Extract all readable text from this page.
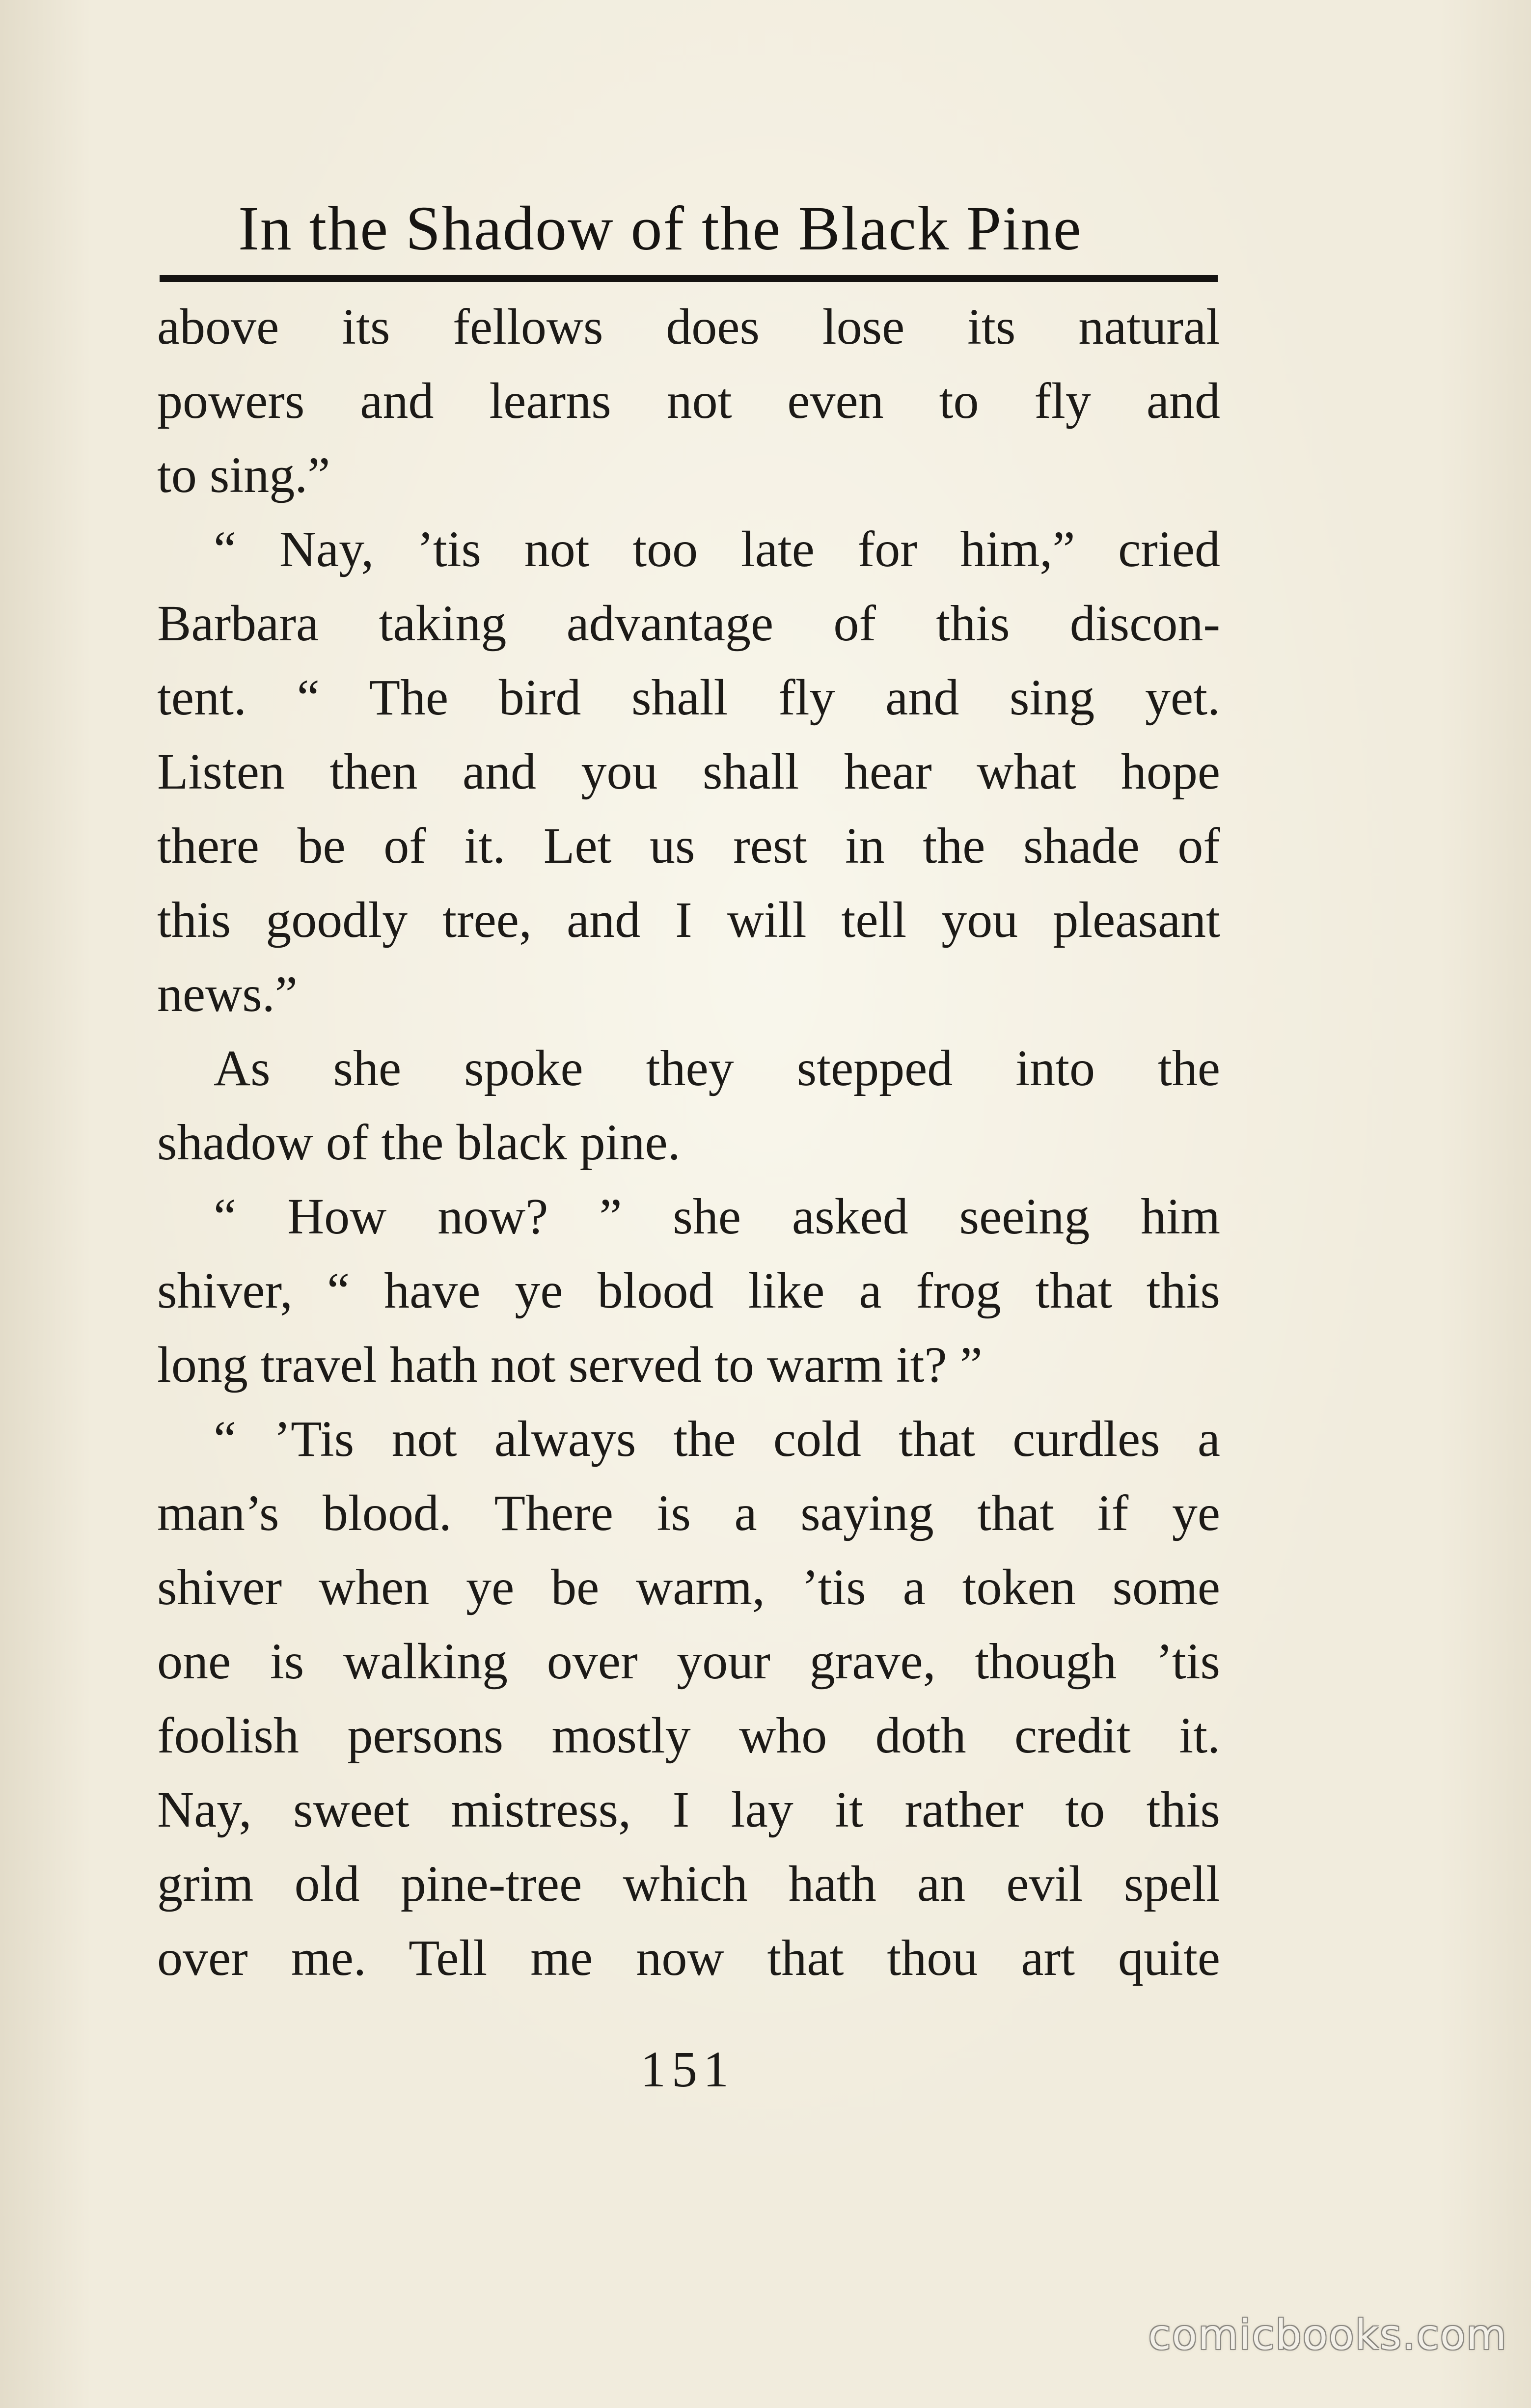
In the Shadow of the Black Pine
above its fellows does lose its natural
powers and learns not even to fly and
to sing.”
“ Nay, ’tis not too late for him,” cried
Barbara taking advantage of this discon-
tent. “ The bird shall fly and sing yet.
Listen then and you shall hear what hope
there be of it. Let us rest in the shade of
this goodly tree, and I will tell you pleasant
news.”
As she spoke they stepped into the
shadow of the black pine.
“ How now? ” she asked seeing him
shiver, “ have ye blood like a frog that this
long travel hath not served to warm it? ”
“ ’Tis not always the cold that curdles a
man’s blood. There is a saying that if ye
shiver when ye be warm, ’tis a token some
one is walking over your grave, though ’tis
foolish persons mostly who doth credit it.
Nay, sweet mistress, I lay it rather to this
grim old pine-tree which hath an evil spell
over me. Tell me now that thou art quite
151
comicbooks.com
